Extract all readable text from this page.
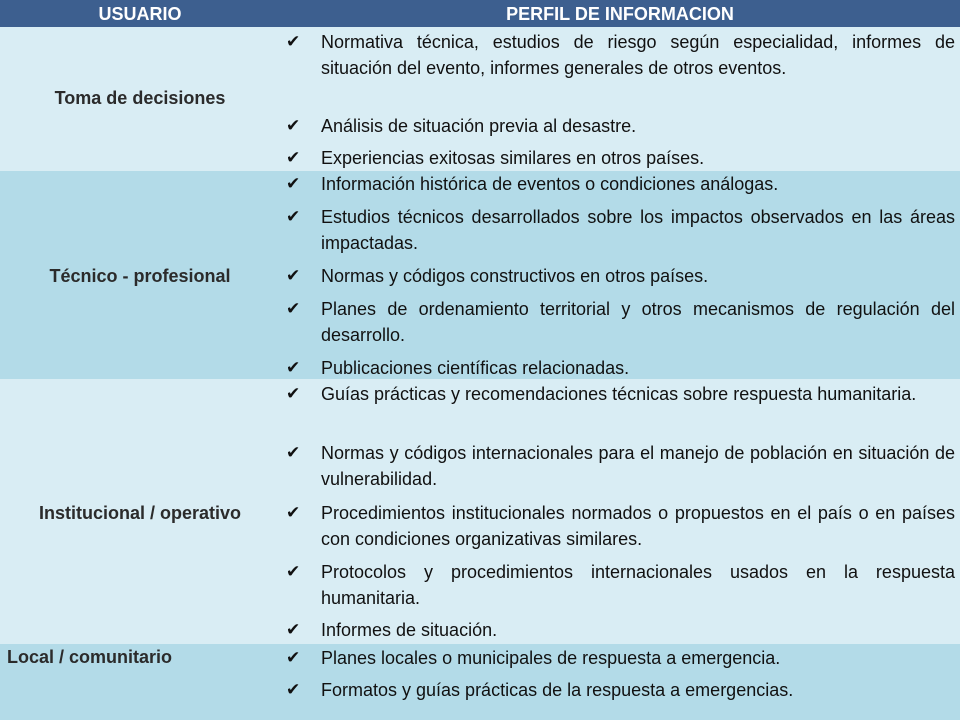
USUARIO	PERFIL DE INFORMACION
Toma de decisiones
✔	Normativa técnica, estudios de riesgo según especialidad, informes de situación del evento, informes generales de otros eventos.
✔	Análisis de situación previa al desastre.
✔	Experiencias exitosas similares en otros países.
Técnico - profesional
✔	Información histórica de eventos o condiciones análogas.
✔	Estudios técnicos desarrollados sobre los impactos observados en las áreas impactadas.
✔	Normas y códigos constructivos en otros países.
✔	Planes de ordenamiento territorial y otros mecanismos de regulación del desarrollo.
✔	Publicaciones científicas relacionadas.
Institucional / operativo
✔	Guías prácticas y recomendaciones técnicas sobre respuesta humanitaria.
✔	Normas y códigos internacionales para el manejo de población en situación de vulnerabilidad.
✔	Procedimientos institucionales normados o propuestos en el país o en países con condiciones organizativas similares.
✔	Protocolos y procedimientos internacionales usados en la respuesta humanitaria.
✔	Informes de situación.
Local / comunitario	✔	Planes locales o municipales de respuesta a emergencia.
✔	Formatos y guías prácticas de la respuesta a emergencias.
